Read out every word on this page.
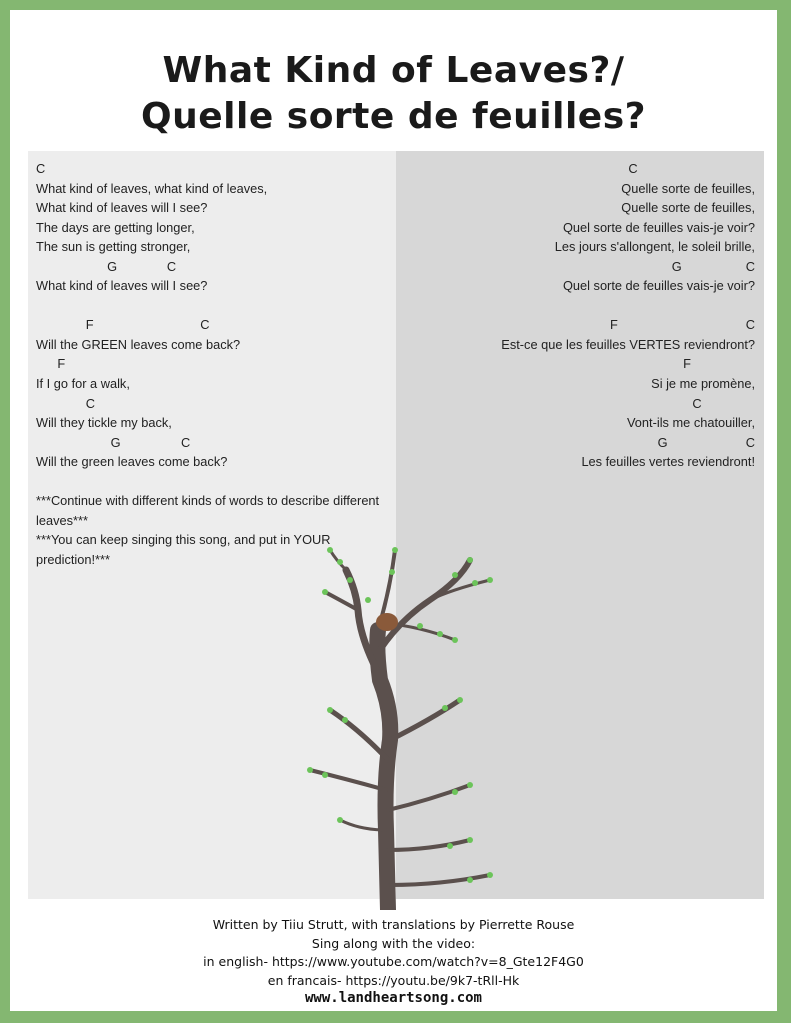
What Kind of Leaves?/
Quelle sorte de feuilles?
C
What kind of leaves, what kind of leaves,
What kind of leaves will I see?
The days are getting longer,
The sun is getting stronger,
G              C
What kind of leaves will I see?

F                              C
Will the GREEN leaves come back?
F
If I go for a walk,
C
Will they tickle my back,
G                 C
Will the green leaves come back?
C
Quelle sorte de feuilles,
Quelle sorte de feuilles,
Quel sorte de feuilles vais-je voir?
Les jours s'allongent, le soleil brille,
G                  C
Quel sorte de feuilles vais-je voir?

F                                    C
Est-ce que les feuilles VERTES reviendront?
F
Si je me promène,
C
Vont-ils me chatouiller,
G                      C
Les feuilles vertes reviendront!
***Continue with different kinds of words to describe different leaves***
***You can keep singing this song, and put in YOUR prediction!***
Written by Tiiu Strutt, with translations by Pierrette Rouse
Sing along with the video:
in english- https://www.youtube.com/watch?v=8_Gte12F4G0
en francais- https://youtu.be/9k7-tRll-Hk
www.landheartsong.com
